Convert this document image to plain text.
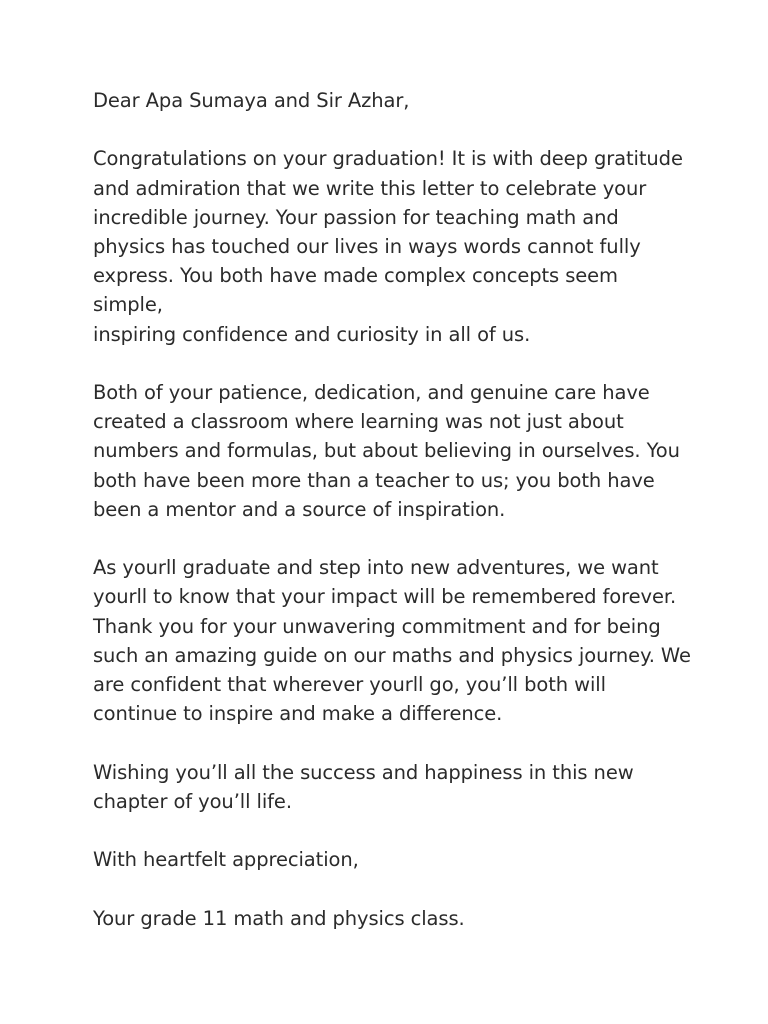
Dear Apa Sumaya and Sir Azhar,

Congratulations on your graduation! It is with deep gratitude
and admiration that we write this letter to celebrate your
incredible journey. Your passion for teaching math and
physics has touched our lives in ways words cannot fully
express. You both have made complex concepts seem simple,
inspiring confidence and curiosity in all of us.

Both of your patience, dedication, and genuine care have
created a classroom where learning was not just about
numbers and formulas, but about believing in ourselves. You
both have been more than a teacher to us; you both have
been a mentor and a source of inspiration.

As yourll graduate and step into new adventures, we want
yourll to know that your impact will be remembered forever.
Thank you for your unwavering commitment and for being
such an amazing guide on our maths and physics journey. We
are confident that wherever yourll go, you’ll both will
continue to inspire and make a difference.

Wishing you’ll all the success and happiness in this new
chapter of you’ll life.

With heartfelt appreciation,

Your grade 11 math and physics class.
